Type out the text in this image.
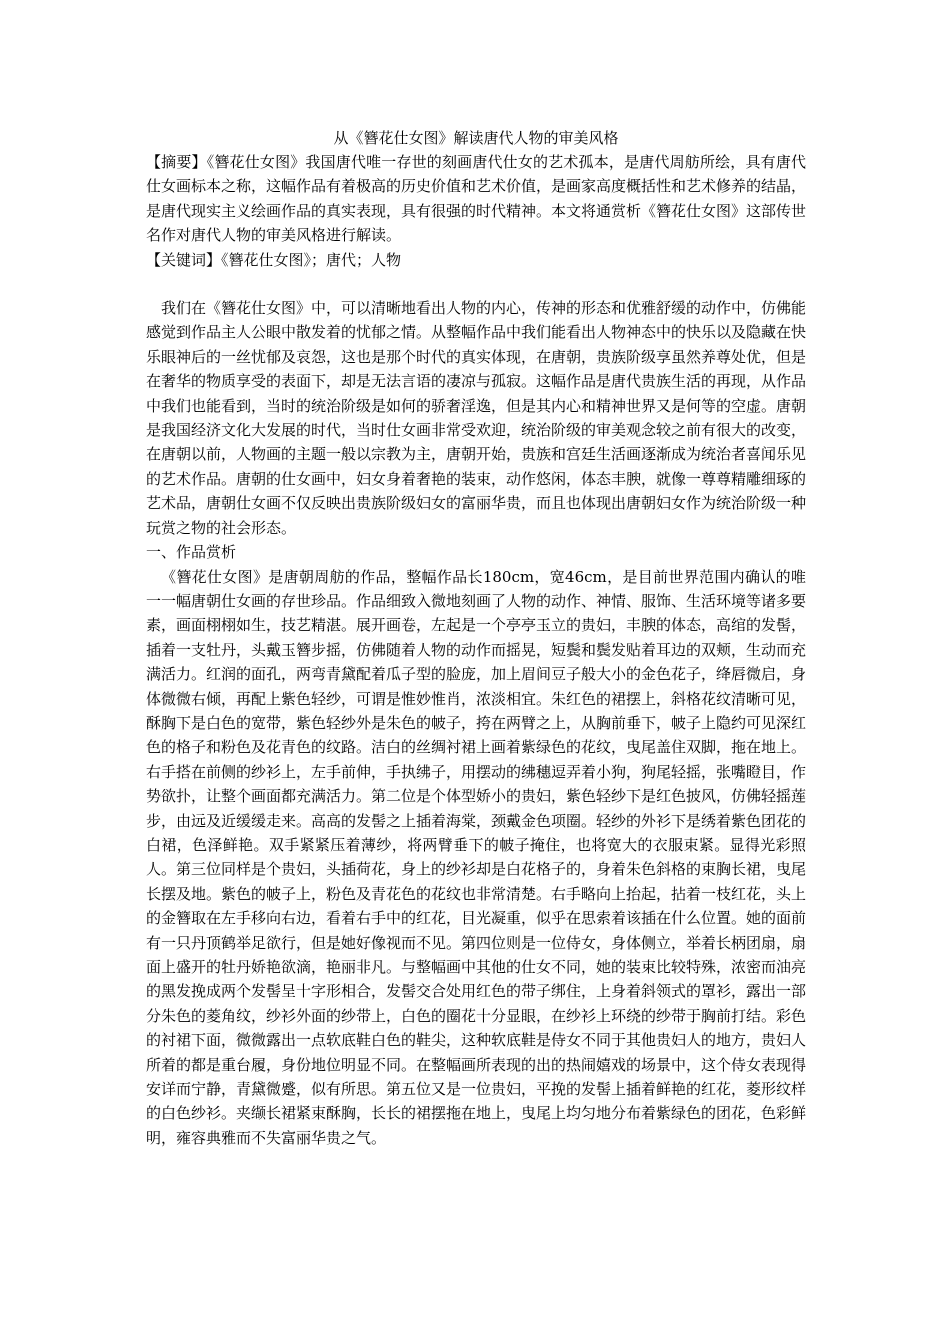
从《簪花仕女图》解读唐代人物的审美风格

【摘要】《簪花仕女图》我国唐代唯一存世的刻画唐代仕女的艺术孤本，是唐代周舫所绘，具有唐代仕女画标本之称，这幅作品有着极高的历史价值和艺术价值，是画家高度概括性和艺术修养的结晶，是唐代现实主义绘画作品的真实表现，具有很强的时代精神。本文将通赏析《簪花仕女图》这部传世名作对唐代人物的审美风格进行解读。

【关键词】《簪花仕女图》；唐代；人物

我们在《簪花仕女图》中，可以清晰地看出人物的内心，传神的形态和优雅舒缓的动作中，仿佛能感觉到作品主人公眼中散发着的忧郁之情。从整幅作品中我们能看出人物神态中的快乐以及隐藏在快乐眼神后的一丝忧郁及哀怨，这也是那个时代的真实体现，在唐朝，贵族阶级享虽然养尊处优，但是在奢华的物质享受的表面下，却是无法言语的凄凉与孤寂。这幅作品是唐代贵族生活的再现，从作品中我们也能看到，当时的统治阶级是如何的骄奢淫逸，但是其内心和精神世界又是何等的空虚。唐朝是我国经济文化大发展的时代，当时仕女画非常受欢迎，统治阶级的审美观念较之前有很大的改变，在唐朝以前，人物画的主题一般以宗教为主，唐朝开始，贵族和宫廷生活画逐渐成为统治者喜闻乐见的艺术作品。唐朝的仕女画中，妇女身着奢艳的装束，动作悠闲，体态丰腴，就像一尊尊精雕细琢的艺术品，唐朝仕女画不仅反映出贵族阶级妇女的富丽华贵，而且也体现出唐朝妇女作为统治阶级一种玩赏之物的社会形态。

一、作品赏析

《簪花仕女图》是唐朝周舫的作品，整幅作品长180cm，宽46cm，是目前世界范围内确认的唯一一幅唐朝仕女画的存世珍品。作品细致入微地刻画了人物的动作、神情、服饰、生活环境等诸多要素，画面栩栩如生，技艺精湛。展开画卷，左起是一个亭亭玉立的贵妇，丰腴的体态，高绾的发髻，插着一支牡丹，头戴玉簪步摇，仿佛随着人物的动作而摇晃，短鬓和鬓发贴着耳边的双颊，生动而充满活力。红润的面孔，两弯青黛配着瓜子型的脸庞，加上眉间豆子般大小的金色花子，绛唇微启，身体微微右倾，再配上紫色轻纱，可谓是惟妙惟肖，浓淡相宜。朱红色的裙摆上，斜格花纹清晰可见，酥胸下是白色的宽带，紫色轻纱外是朱色的帔子，挎在两臂之上，从胸前垂下，帔子上隐约可见深红色的格子和粉色及花青色的纹路。洁白的丝绸衬裙上画着紫绿色的花纹，曳尾盖住双脚，拖在地上。右手搭在前侧的纱衫上，左手前伸，手执绋子，用摆动的绋穗逗弄着小狗，狗尾轻摇，张嘴瞪目，作势欲扑，让整个画面都充满活力。第二位是个体型娇小的贵妇，紫色轻纱下是红色披风，仿佛轻摇莲步，由远及近缓缓走来。高高的发髻之上插着海棠，颈戴金色项圈。轻纱的外衫下是绣着紫色团花的白裙，色泽鲜艳。双手紧紧压着薄纱，将两臂垂下的帔子掩住，也将宽大的衣服束紧。显得光彩照人。第三位同样是个贵妇，头插荷花，身上的纱衫却是白花格子的，身着朱色斜格的束胸长裙，曳尾长摆及地。紫色的帔子上，粉色及青花色的花纹也非常清楚。右手略向上抬起，拈着一枝红花，头上的金簪取在左手移向右边，看着右手中的红花，目光凝重，似乎在思索着该插在什么位置。她的面前有一只丹顶鹤举足欲行，但是她好像视而不见。第四位则是一位侍女，身体侧立，举着长柄团扇，扇面上盛开的牡丹娇艳欲滴，艳丽非凡。与整幅画中其他的仕女不同，她的装束比较特殊，浓密而油亮的黑发挽成两个发髻呈十字形相合，发髻交合处用红色的带子绑住，上身着斜领式的罩衫，露出一部分朱色的菱角纹，纱衫外面的纱带上，白色的圈花十分显眼，在纱衫上环绕的纱带于胸前打结。彩色的衬裙下面，微微露出一点软底鞋白色的鞋尖，这种软底鞋是侍女不同于其他贵妇人的地方，贵妇人所着的都是重台履，身份地位明显不同。在整幅画所表现的出的热闹嬉戏的场景中，这个侍女表现得安详而宁静，青黛微蹙，似有所思。第五位又是一位贵妇，平挽的发髻上插着鲜艳的红花，菱形纹样的白色纱衫。夹缬长裙紧束酥胸，长长的裙摆拖在地上，曳尾上均匀地分布着紫绿色的团花，色彩鲜明，雍容典雅而不失富丽华贵之气。
